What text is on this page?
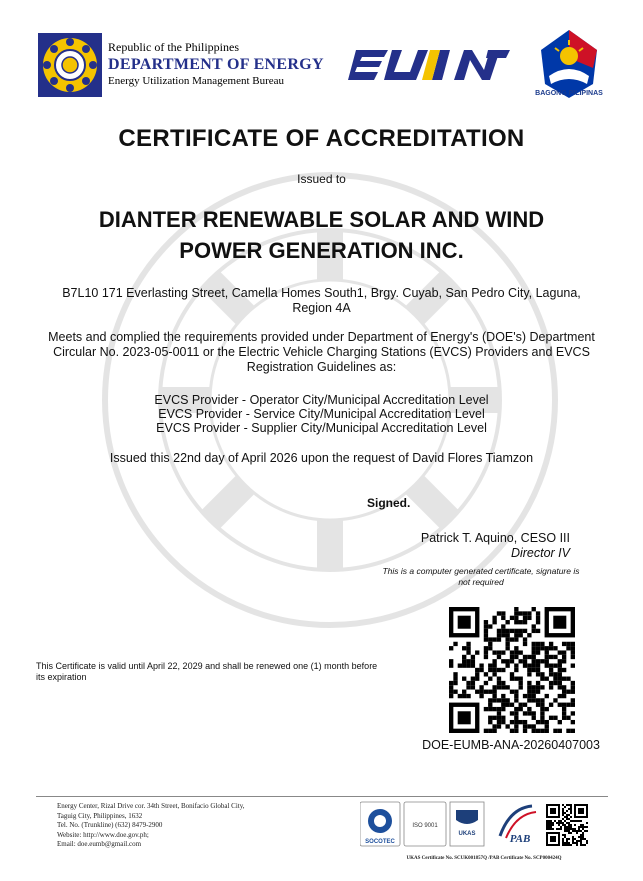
Republic of the Philippines
DEPARTMENT OF ENERGY
Energy Utilization Management Bureau
BAGONG PILIPINAS
CERTIFICATE OF ACCREDITATION
Issued to
DIANTER RENEWABLE SOLAR AND WIND
POWER GENERATION INC.
B7L10 171 Everlasting Street, Camella Homes South1, Brgy. Cuyab, San Pedro City, Laguna,
Region 4A
Meets and complied the requirements provided under Department of Energy's (DOE's) Department
Circular No. 2023-05-0011 or the Electric Vehicle Charging Stations (EVCS) Providers and EVCS
Registration Guidelines as:
EVCS Provider - Operator City/Municipal Accreditation Level
EVCS Provider - Service City/Municipal Accreditation Level
EVCS Provider - Supplier City/Municipal Accreditation Level
Issued this 22nd day of April 2026 upon the request of David Flores Tiamzon
Signed.
Patrick T. Aquino, CESO III
Director IV
This is a computer generated certificate, signature is
not required
DOE-EUMB-ANA-20260407003
This Certificate is valid until April 22, 2029 and shall be renewed one (1) month before
its expiration
Energy Center, Rizal Drive cor. 34th Street, Bonifacio Global City,
Taguig City, Philippines, 1632
Tel. No. (Trunkline) (632) 8479-2900
Website: http://www.doe.gov.ph;
Email: doe.eumb@gmail.com	SOCOTEC
ISO 9001
UKAS	PAB
UKAS Certificate No. SCUK001857Q /PAB Certificate No. SCP000424Q
